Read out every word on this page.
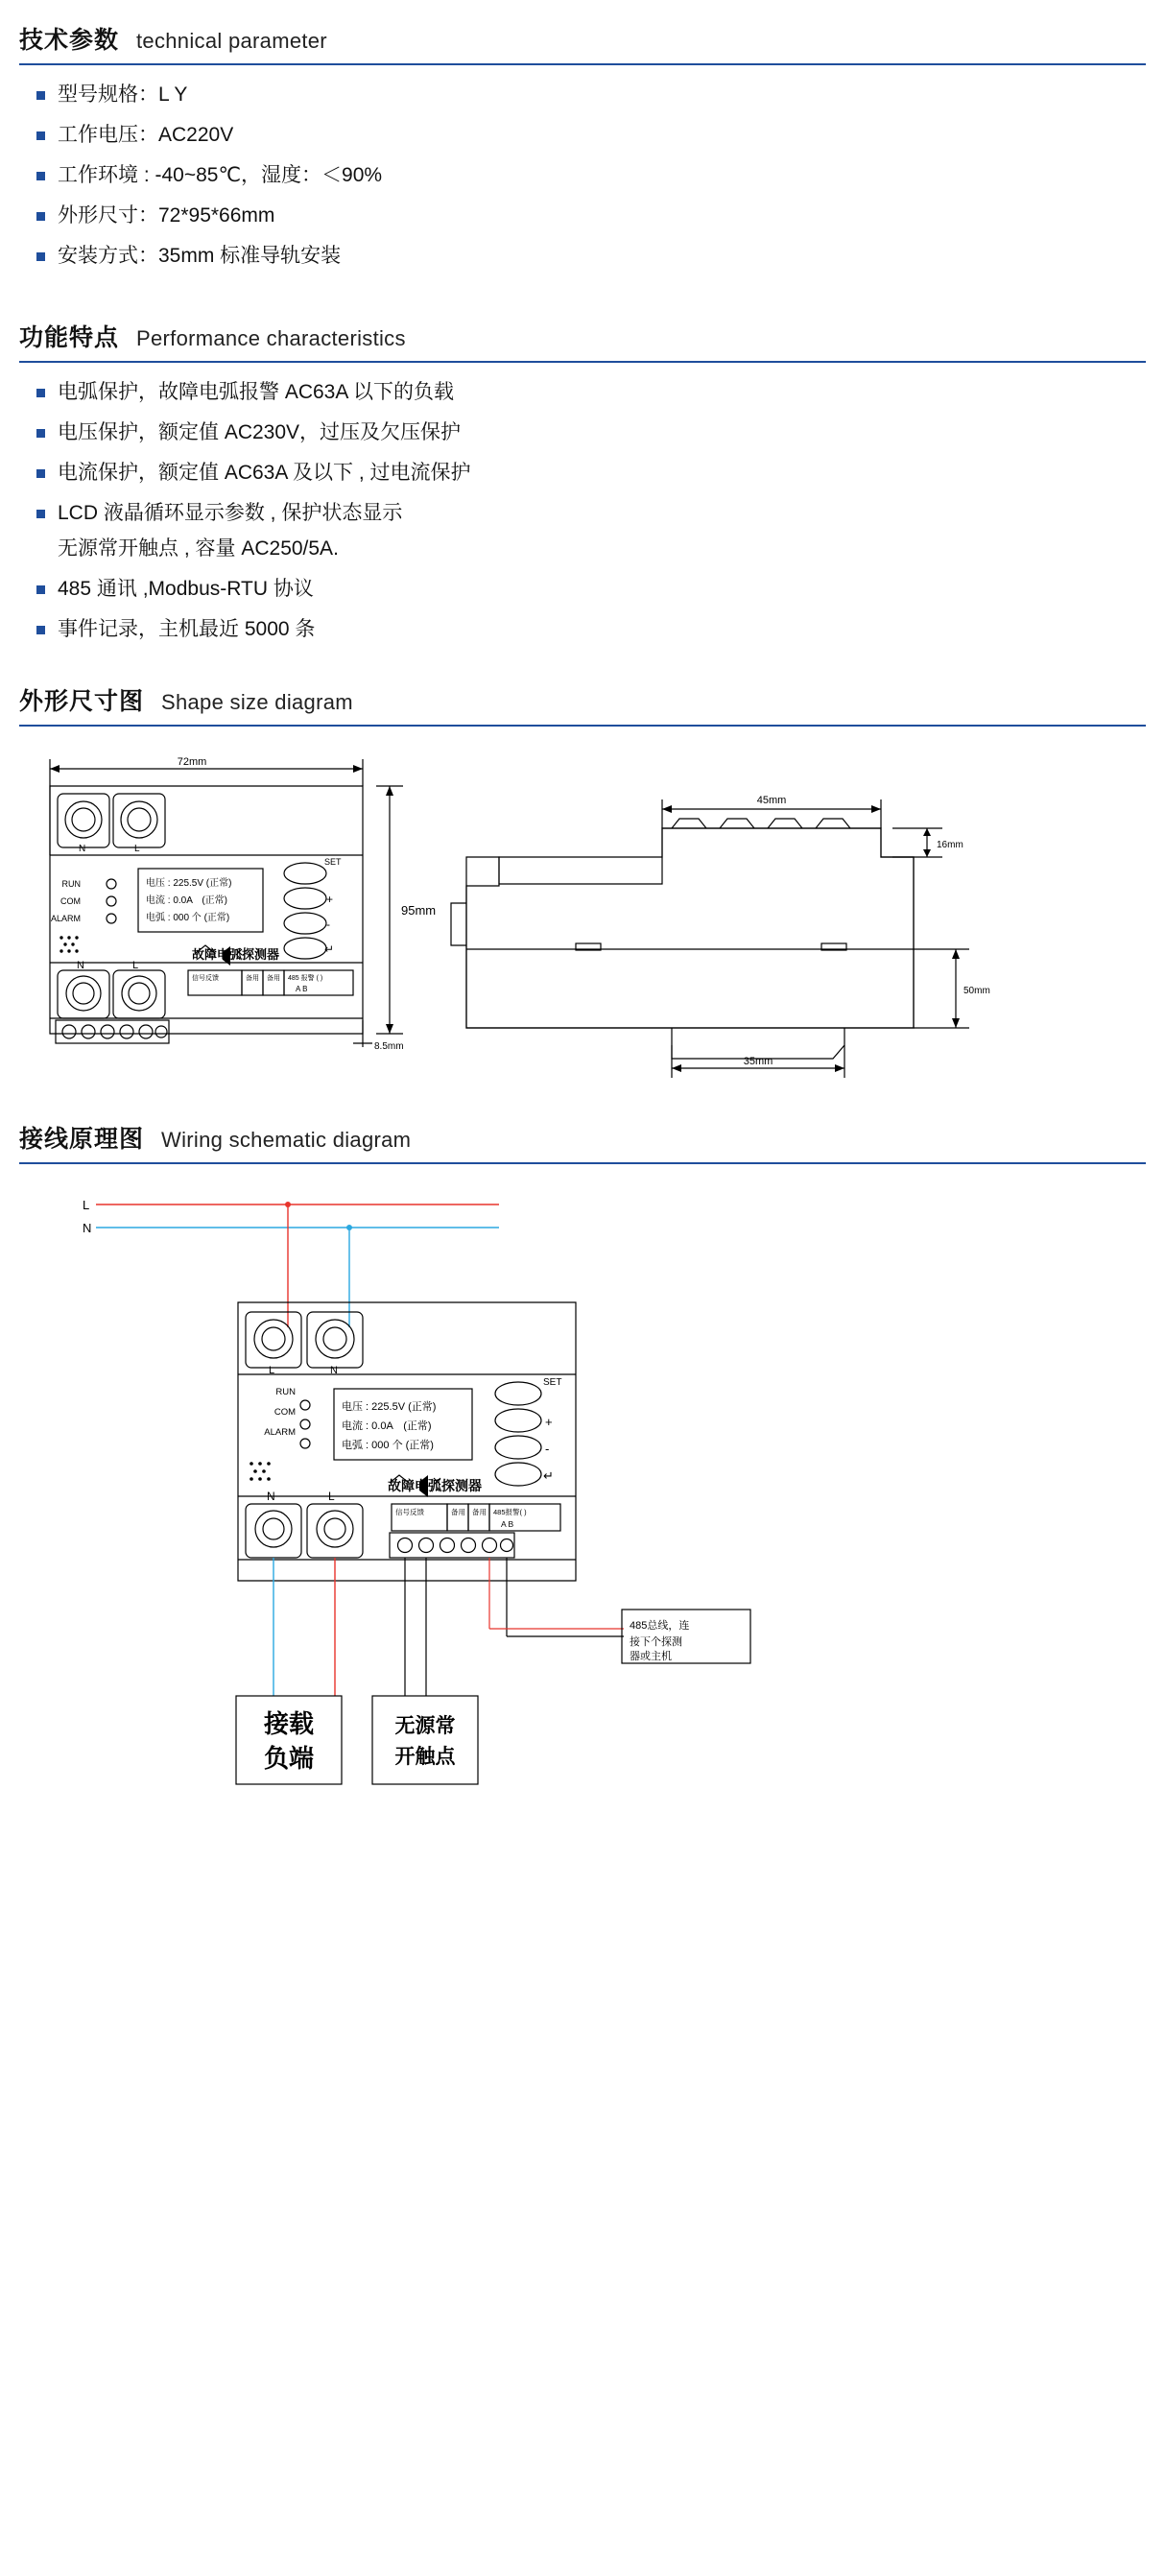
技术参数 technical parameter
型号规格：L Y
工作电压：AC220V
工作环境 : -40~85℃，湿度：＜90%
外形尺寸：72*95*66mm
安装方式：35mm 标准导轨安装
功能特点 Performance characteristics
电弧保护，故障电弧报警 AC63A 以下的负载
电压保护，额定值 AC230V，过压及欠压保护
电流保护，额定值 AC63A 及以下 , 过电流保护
LCD 液晶循环显示参数 , 保护状态显示
无源常开触点 , 容量 AC250/5A.
485 通讯 ,Modbus-RTU 协议
事件记录，主机最近 5000 条
外形尺寸图 Shape size diagram
72mm
95mm
8.5mm
45mm
16mm
50mm
35mm
N	L
N	L
RUN
COM
ALARM
电压 : 225.5V (正常)
电流 : 0.0A　(正常)
电弧 : 000 个 (正常)
SET
+
-
↵
故障电弧探测器
信号反馈	备用 备用 485 报警 ( )
A B
接线原理图 Wiring schematic diagram
L
N
L	N
N	L
RUN
COM
ALARM
电压 : 225.5V (正常)
电流 : 0.0A　(正常)
电弧 : 000 个 (正常)
SET
+
-
↵
故障电弧探测器
信号反馈	备用 备用 485报警( )
A B
接载
负端
无源常
开触点
485总线，连
接下个探测
器或主机
